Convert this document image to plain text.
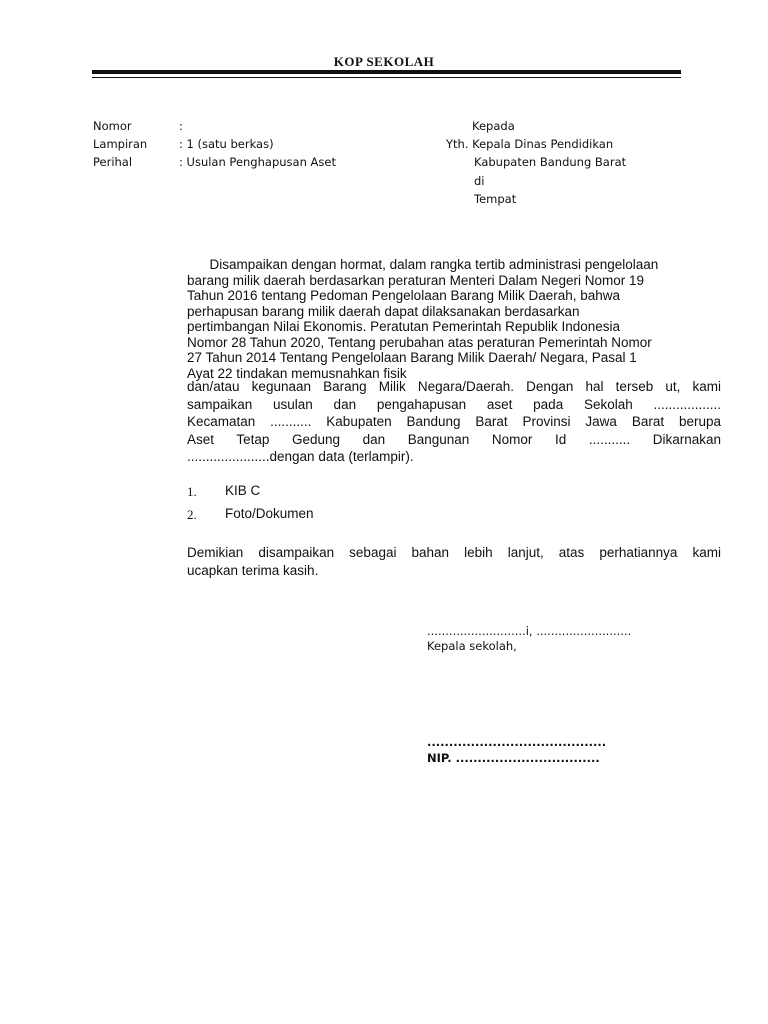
KOP SEKOLAH
Nomor	:
Lampiran	: 1 (satu berkas)
Perihal	: Usulan Penghapusan Aset
Kepada
Yth. Kepala Dinas Pendidikan
Kabupaten Bandung Barat
di
Tempat
Disampaikan dengan hormat, dalam rangka tertib administrasi pengelolaan
barang milik daerah berdasarkan peraturan Menteri Dalam Negeri Nomor 19
Tahun 2016 tentang Pedoman Pengelolaan Barang Milik Daerah, bahwa
perhapusan barang milik daerah dapat dilaksanakan berdasarkan
pertimbangan Nilai Ekonomis. Peratutan Pemerintah Republik Indonesia
Nomor 28 Tahun 2020, Tentang perubahan atas peraturan Pemerintah Nomor
27 Tahun 2014 Tentang Pengelolaan Barang Milik Daerah/ Negara, Pasal 1
Ayat 22 tindakan memusnahkan fisik
dan/atau kegunaan Barang Milik Negara/Daerah. Dengan hal terseb ut, kami
sampaikan usulan dan pengahapusan aset pada Sekolah ..................
Kecamatan ........... Kabupaten Bandung Barat Provinsi Jawa Barat berupa
Aset Tetap Gedung dan Bangunan Nomor Id ........... Dikarnakan
......................dengan data (terlampir).
1. KIB C
2. Foto/Dokumen
Demikian disampaikan sebagai bahan lebih lanjut, atas perhatiannya kami
ucapkan terima kasih.
...........................i, ..........................
Kepala sekolah,
.........................................
NIP. .................................
